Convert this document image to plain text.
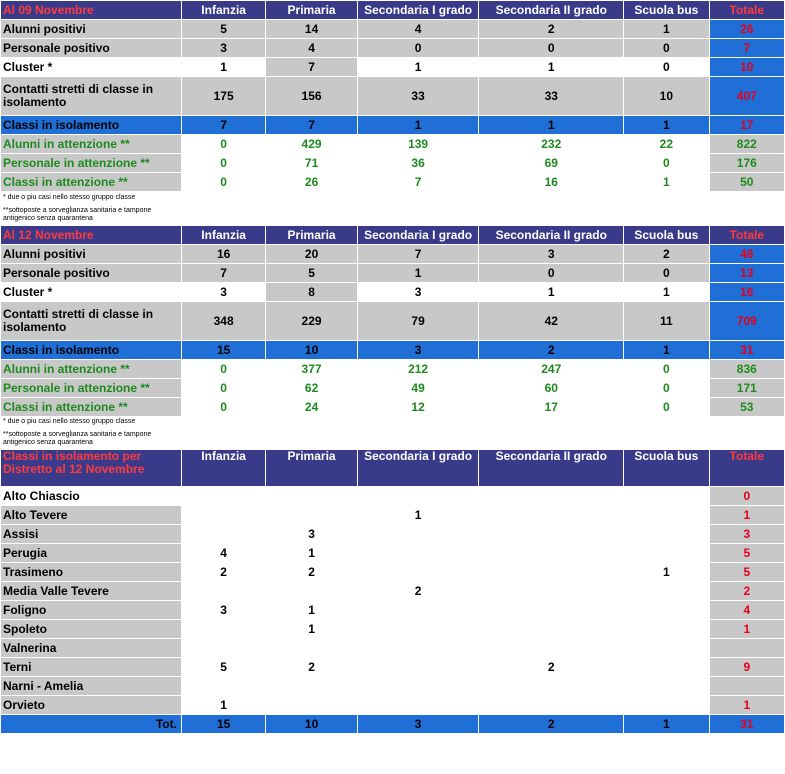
Al 09 Novembre	Infanzia	Primaria	Secondaria I grado	Secondaria II grado	Scuola bus	Totale
Alunni positivi	5	14	4	2	1	26
Personale positivo	3	4	0	0	0	7
Cluster *	1	7	1	1	0	10
Contatti stretti di classe in isolamento	175	156	33	33	10	407
Classi in isolamento	7	7	1	1	1	17
Alunni in attenzione **	0	429	139	232	22	822
Personale in attenzione **	0	71	36	69	0	176
Classi in attenzione **	0	26	7	16	1	50
* due o piu casi nello stesso gruppo classe						
**sottoposte a sorveglianza sanitaria e tampone antigenico senza quarantena						
Al 12 Novembre	Infanzia	Primaria	Secondaria I grado	Secondaria II grado	Scuola bus	Totale
Alunni positivi	16	20	7	3	2	48
Personale positivo	7	5	1	0	0	13
Cluster *	3	8	3	1	1	16
Contatti stretti di classe in isolamento	348	229	79	42	11	709
Classi in isolamento	15	10	3	2	1	31
Alunni in attenzione **	0	377	212	247	0	836
Personale in attenzione **	0	62	49	60	0	171
Classi in attenzione **	0	24	12	17	0	53
* due o piu casi nello stesso gruppo classe						
**sottoposte a sorveglianza sanitaria e tampone antigenico senza quarantena						
Classi in isolamento per Distretto al 12 Novembre	Infanzia	Primaria	Secondaria I grado	Secondaria II grado	Scuola bus	Totale
Alto Chiascio						0
Alto Tevere			1			1
Assisi		3				3
Perugia	4	1				5
Trasimeno	2	2			1	5
Media Valle Tevere			2			2
Foligno	3	1				4
Spoleto		1				1
Valnerina						
Terni	5	2		2		9
Narni - Amelia						
Orvieto	1					1
Tot.	15	10	3	2	1	31
